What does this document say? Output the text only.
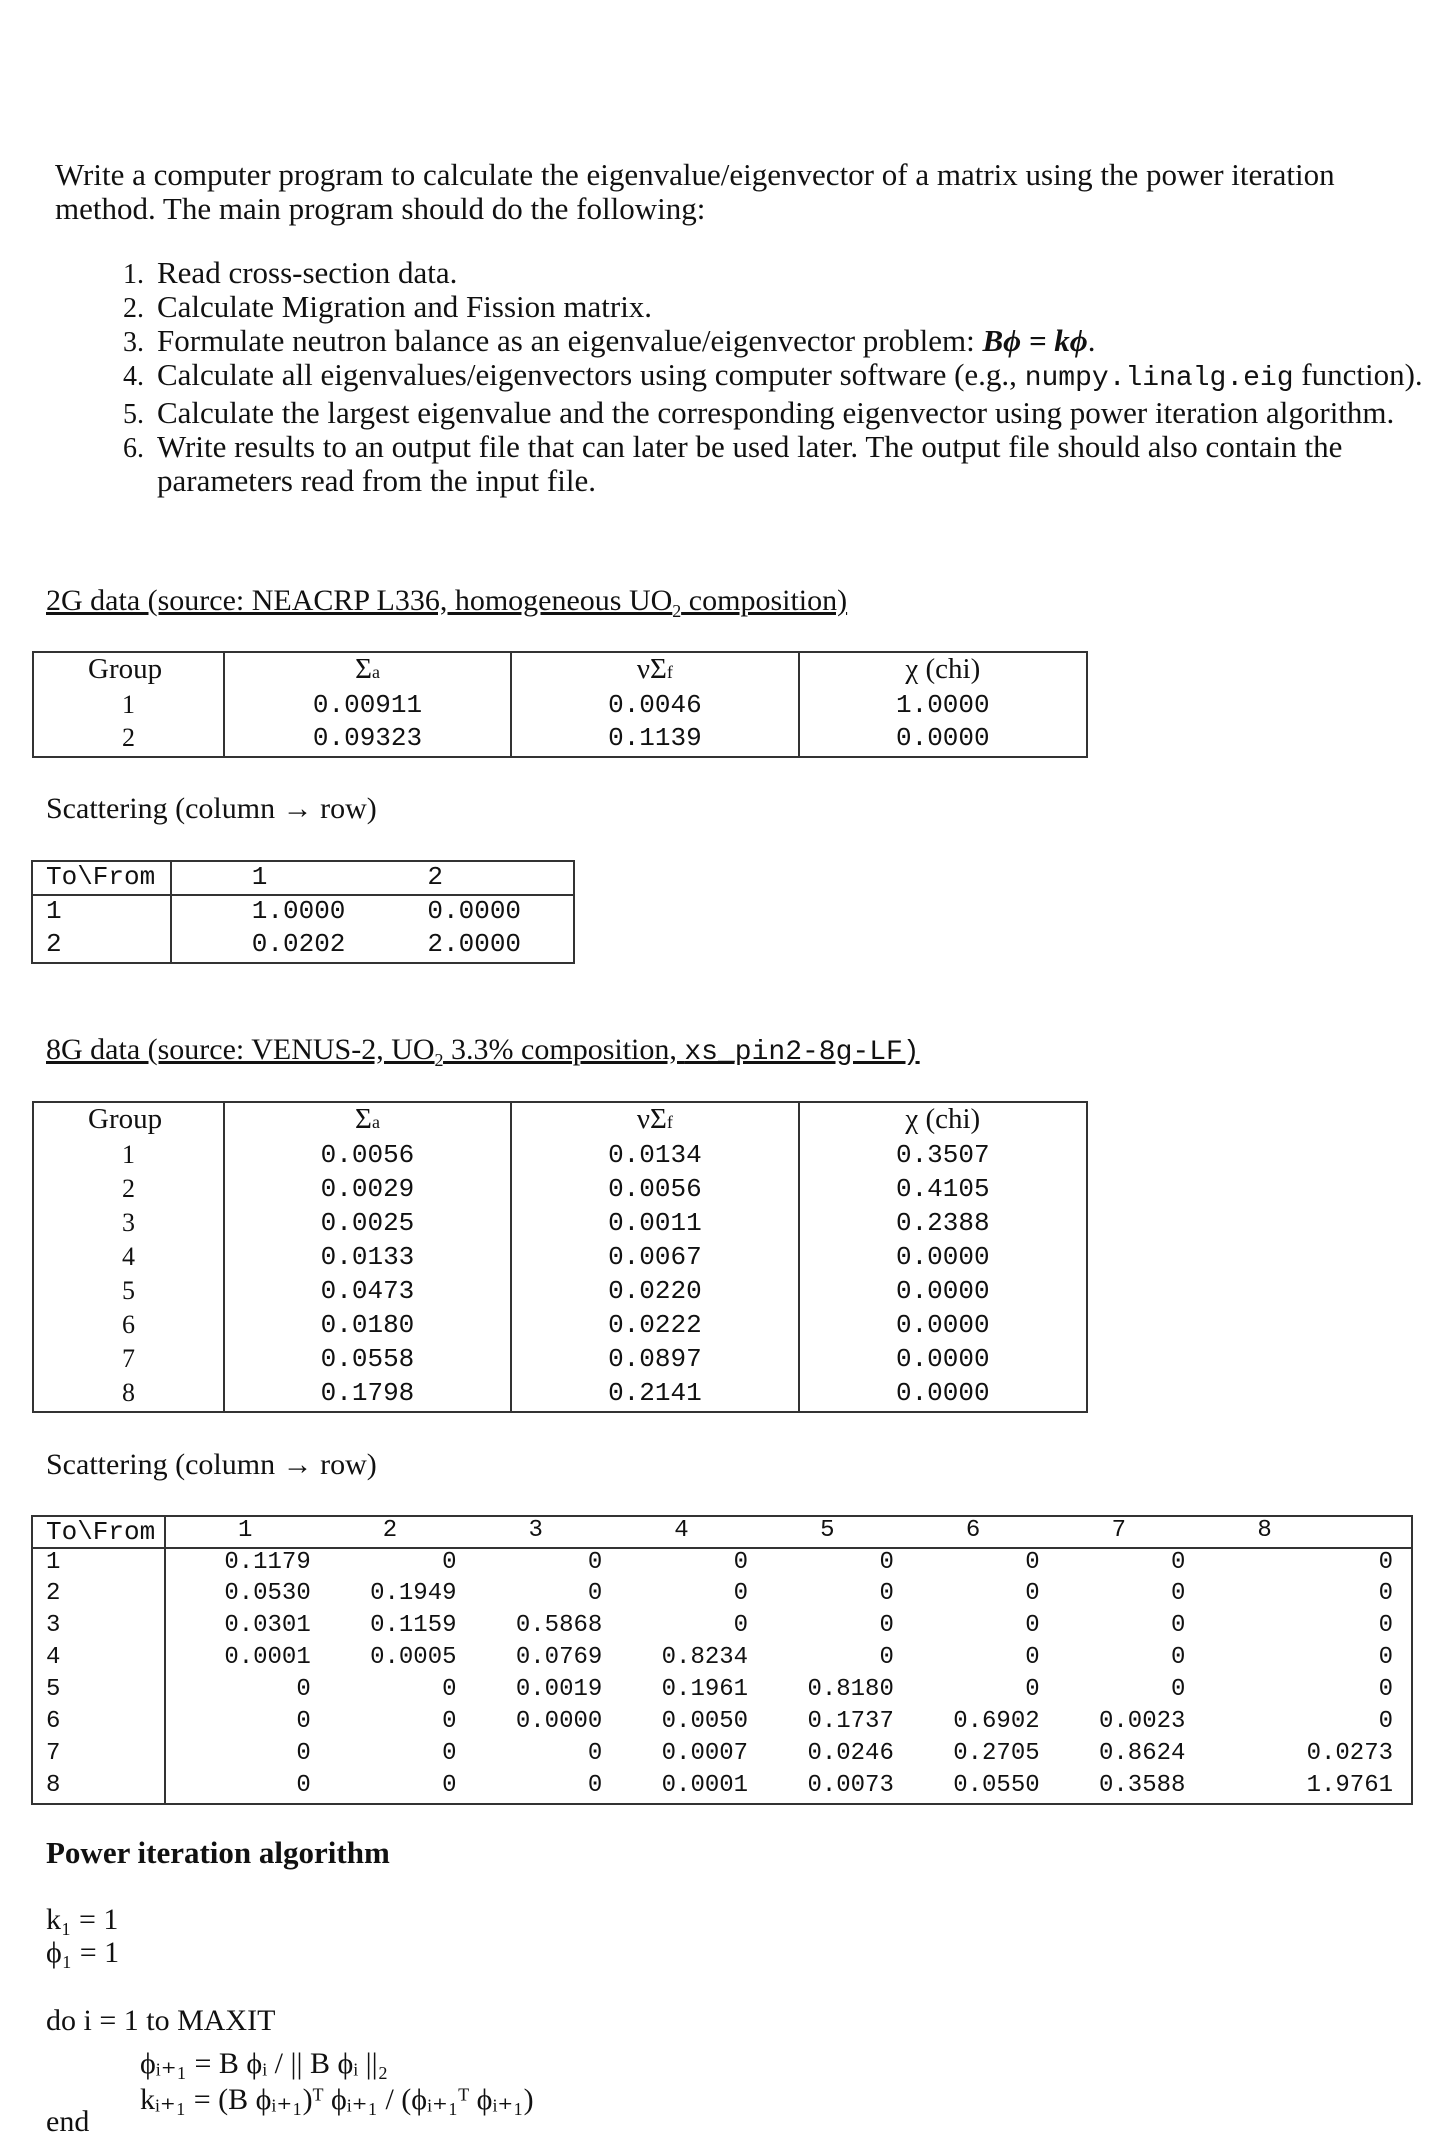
Write a computer program to calculate the eigenvalue/eigenvector of a matrix using the power iteration method. The main program should do the following:
1. Read cross-section data.
2. Calculate Migration and Fission matrix.
3. Formulate neutron balance as an eigenvalue/eigenvector problem: Bϕ = kϕ.
4. Calculate all eigenvalues/eigenvectors using computer software (e.g., numpy.linalg.eig function).
5. Calculate the largest eigenvalue and the corresponding eigenvector using power iteration algorithm.
6. Write results to an output file that can later be used later. The output file should also contain the parameters read from the input file.
2G data (source: NEACRP L336, homogeneous $UO_2$ composition)
Group	Σa	νΣf	χ (chi)
1	0.00911	0.0046	1.0000
2	0.09323	0.1139	0.0000
Scattering (column → row)
To\From	1	2
1	1.0000	0.0000
2	0.0202	2.0000
8G data (source: VENUS-2, $UO_2$ 3.3% composition, xs_pin2-8g-LF)
Group	Σa	νΣf	χ (chi)
1	0.0056	0.0134	0.3507
2	0.0029	0.0056	0.4105
3	0.0025	0.0011	0.2388
4	0.0133	0.0067	0.0000
5	0.0473	0.0220	0.0000
6	0.0180	0.0222	0.0000
7	0.0558	0.0897	0.0000
8	0.1798	0.2141	0.0000
Scattering (column → row)
To\From	1	2	3	4	5	6	7	8
1	0.1179	0	0	0	0	0	0	0
2	0.0530	0.1949	0	0	0	0	0	0
3	0.0301	0.1159	0.5868	0	0	0	0	0
4	0.0001	0.0005	0.0769	0.8234	0	0	0	0
5	0	0	0.0019	0.1961	0.8180	0	0	0
6	0	0	0.0000	0.0050	0.1737	0.6902	0.0023	0
7	0	0	0	0.0007	0.0246	0.2705	0.8624	0.0273
8	0	0	0	0.0001	0.0073	0.0550	0.3588	1.9761
Power iteration algorithm
k₁ = 1
ϕ₁ = 1
do i = 1 to MAXIT
ϕᵢ₊₁ = B ϕᵢ / || B ϕᵢ ||₂
kᵢ₊₁ = (B ϕᵢ₊₁)ᵀ ϕᵢ₊₁ / (ϕᵢ₊₁ᵀ ϕᵢ₊₁)
end
